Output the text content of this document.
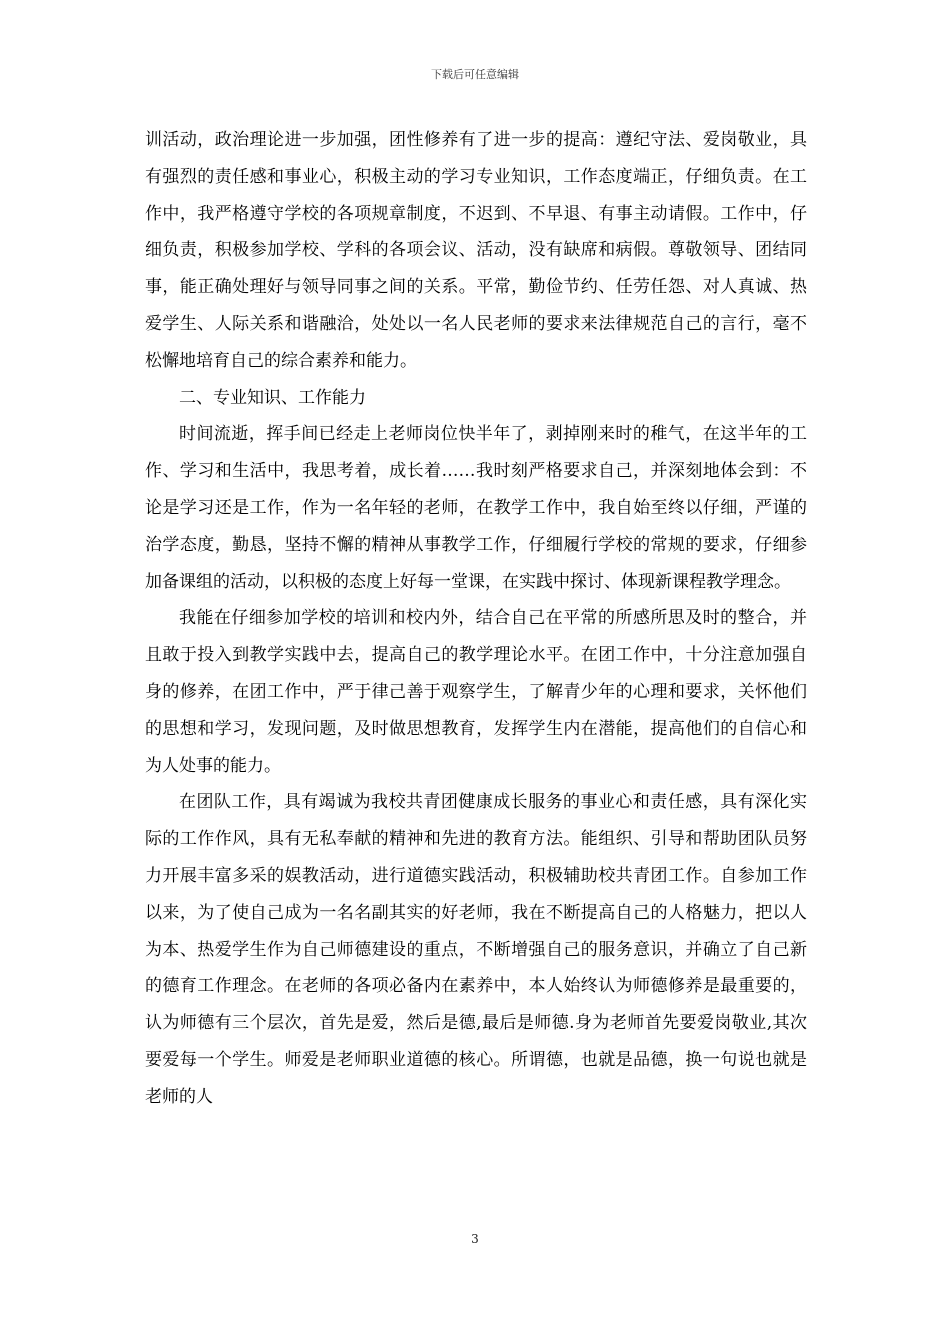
下载后可任意编辑

训活动，政治理论进一步加强，团性修养有了进一步的提高：遵纪守法、爱岗敬业，具有强烈的责任感和事业心，积极主动的学习专业知识，工作态度端正，仔细负责。在工作中，我严格遵守学校的各项规章制度，不迟到、不早退、有事主动请假。工作中，仔细负责，积极参加学校、学科的各项会议、活动，没有缺席和病假。尊敬领导、团结同事，能正确处理好与领导同事之间的关系。平常，勤俭节约、任劳任怨、对人真诚、热爱学生、人际关系和谐融洽，处处以一名人民老师的要求来法律规范自己的言行，毫不松懈地培育自己的综合素养和能力。

二、专业知识、工作能力

时间流逝，挥手间已经走上老师岗位快半年了，剥掉刚来时的稚气，在这半年的工作、学习和生活中，我思考着，成长着……我时刻严格要求自己，并深刻地体会到：不论是学习还是工作，作为一名年轻的老师，在教学工作中，我自始至终以仔细，严谨的治学态度，勤恳，坚持不懈的精神从事教学工作，仔细履行学校的常规的要求，仔细参加备课组的活动，以积极的态度上好每一堂课，在实践中探讨、体现新课程教学理念。

我能在仔细参加学校的培训和校内外，结合自己在平常的所感所思及时的整合，并且敢于投入到教学实践中去，提高自己的教学理论水平。在团工作中，十分注意加强自身的修养，在团工作中，严于律己善于观察学生，了解青少年的心理和要求，关怀他们的思想和学习，发现问题，及时做思想教育，发挥学生内在潜能，提高他们的自信心和为人处事的能力。

在团队工作，具有竭诚为我校共青团健康成长服务的事业心和责任感，具有深化实际的工作作风，具有无私奉献的精神和先进的教育方法。能组织、引导和帮助团队员努力开展丰富多采的娱教活动，进行道德实践活动，积极辅助校共青团工作。自参加工作以来，为了使自己成为一名名副其实的好老师，我在不断提高自己的人格魅力，把以人为本、热爱学生作为自己师德建设的重点，不断增强自己的服务意识，并确立了自己新的德育工作理念。在老师的各项必备内在素养中，本人始终认为师德修养是最重要的，认为师德有三个层次，首先是爱，然后是德,最后是师德.身为老师首先要爱岗敬业,其次要爱每一个学生。师爱是老师职业道德的核心。所谓德，也就是品德，换一句说也就是老师的人

3
